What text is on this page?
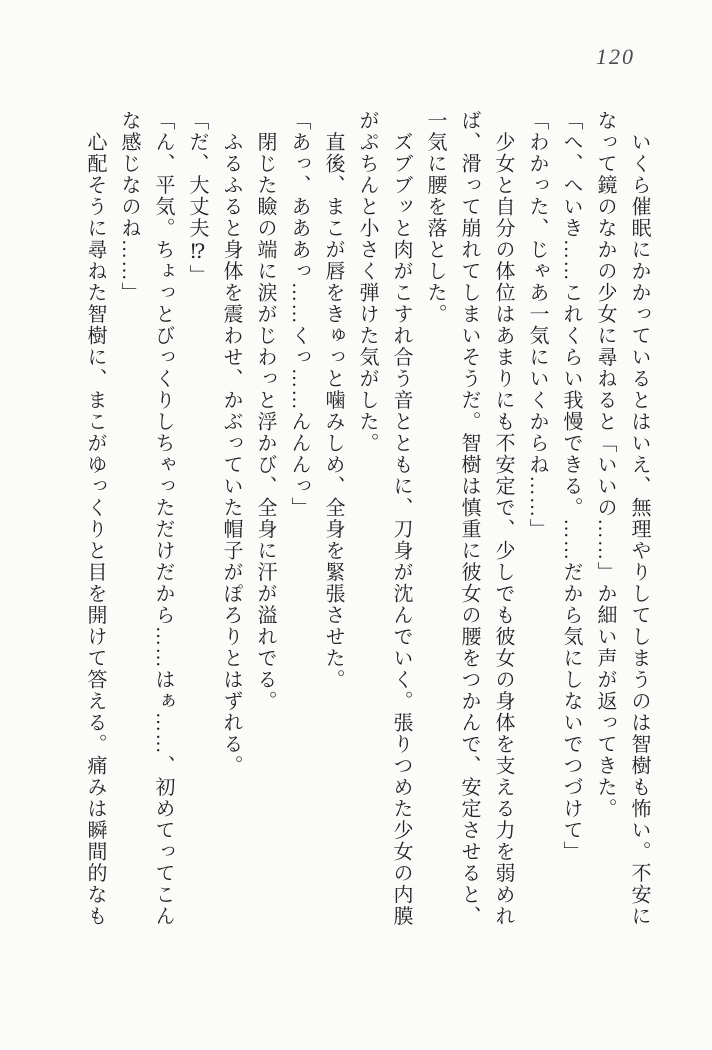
120

　いくら催眠にかかっているとはいえ、無理やりしてしまうのは智樹も怖い。不安に

なって鏡のなかの少女に尋ねると「いいの……」か細い声が返ってきた。

「へ、へいき……これくらい我慢できる。……だから気にしないでつづけて」

「わかった、じゃあ一気にいくからね……」

　少女と自分の体位はあまりにも不安定で、少しでも彼女の身体を支える力を弱めれ

ば、滑って崩れてしまいそうだ。智樹は慎重に彼女の腰をつかんで、安定させると、

一気に腰を落とした。

　ズブブッと肉がこすれ合う音とともに、刀身が沈んでいく。張りつめた少女の内膜

がぷちんと小さく弾けた気がした。

　直後、まこが唇をきゅっと噛みしめ、全身を緊張させた。

「あっ、あああっ……くっ……んんんっ」

　閉じた瞼の端に涙がじわっと浮かび、全身に汗が溢れでる。

　ふるふると身体を震わせ、かぶっていた帽子がぽろりとはずれる。

「だ、大丈夫⁉」

「ん、平気。ちょっとびっくりしちゃっただけだから……はぁ……、初めてってこん

な感じなのね……」

　心配そうに尋ねた智樹に、まこがゆっくりと目を開けて答える。痛みは瞬間的なも
